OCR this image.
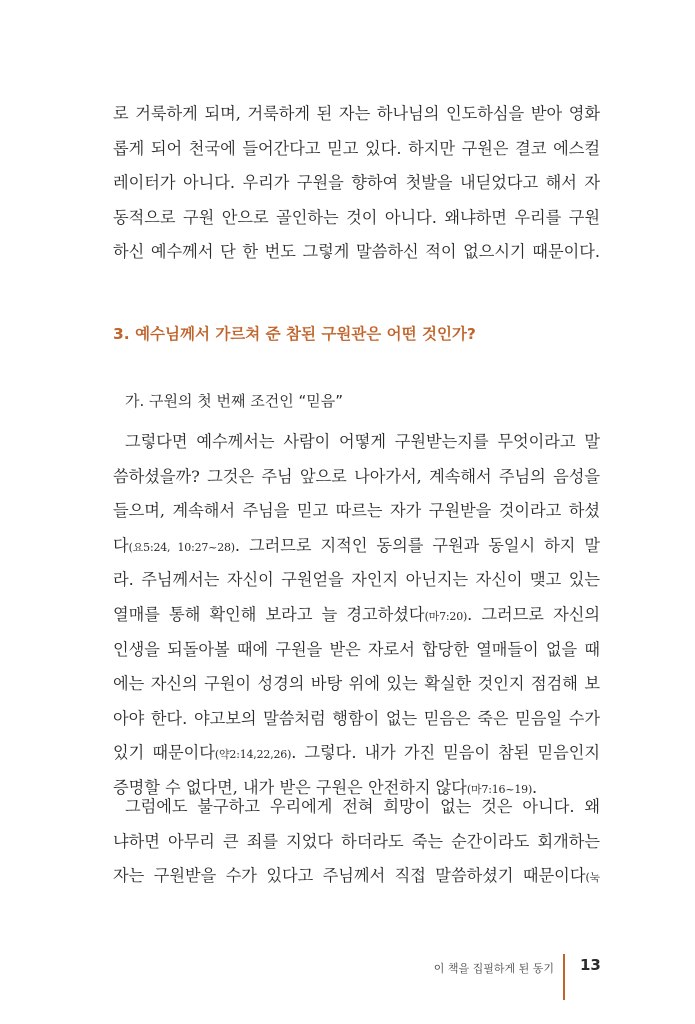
로 거룩하게 되며, 거룩하게 된 자는 하나님의 인도하심을 받아 영화
롭게 되어 천국에 들어간다고 믿고 있다. 하지만 구원은 결코 에스컬
레이터가 아니다. 우리가 구원을 향하여 첫발을 내딛었다고 해서 자
동적으로 구원 안으로 골인하는 것이 아니다. 왜냐하면 우리를 구원
하신 예수께서 단 한 번도 그렇게 말씀하신 적이 없으시기 때문이다.
3. 예수님께서 가르쳐 준 참된 구원관은 어떤 것인가?
가. 구원의 첫 번째 조건인 “믿음”
그렇다면 예수께서는 사람이 어떻게 구원받는지를 무엇이라고 말
씀하셨을까? 그것은 주님 앞으로 나아가서, 계속해서 주님의 음성을
들으며, 계속해서 주님을 믿고 따르는 자가 구원받을 것이라고 하셨
다(요5:24, 10:27~28). 그러므로 지적인 동의를 구원과 동일시 하지 말
라. 주님께서는 자신이 구원얻을 자인지 아닌지는 자신이 맺고 있는
열매를 통해 확인해 보라고 늘 경고하셨다(마7:20). 그러므로 자신의
인생을 되돌아볼 때에 구원을 받은 자로서 합당한 열매들이 없을 때
에는 자신의 구원이 성경의 바탕 위에 있는 확실한 것인지 점검해 보
아야 한다. 야고보의 말씀처럼 행함이 없는 믿음은 죽은 믿음일 수가
있기 때문이다(약2:14,22,26). 그렇다. 내가 가진 믿음이 참된 믿음인지
증명할 수 없다면, 내가 받은 구원은 안전하지 않다(마7:16~19).
그럼에도 불구하고 우리에게 전혀 희망이 없는 것은 아니다. 왜
냐하면 아무리 큰 죄를 지었다 하더라도 죽는 순간이라도 회개하는
자는 구원받을 수가 있다고 주님께서 직접 말씀하셨기 때문이다(눅
이 책을 집필하게 된 동기 13
